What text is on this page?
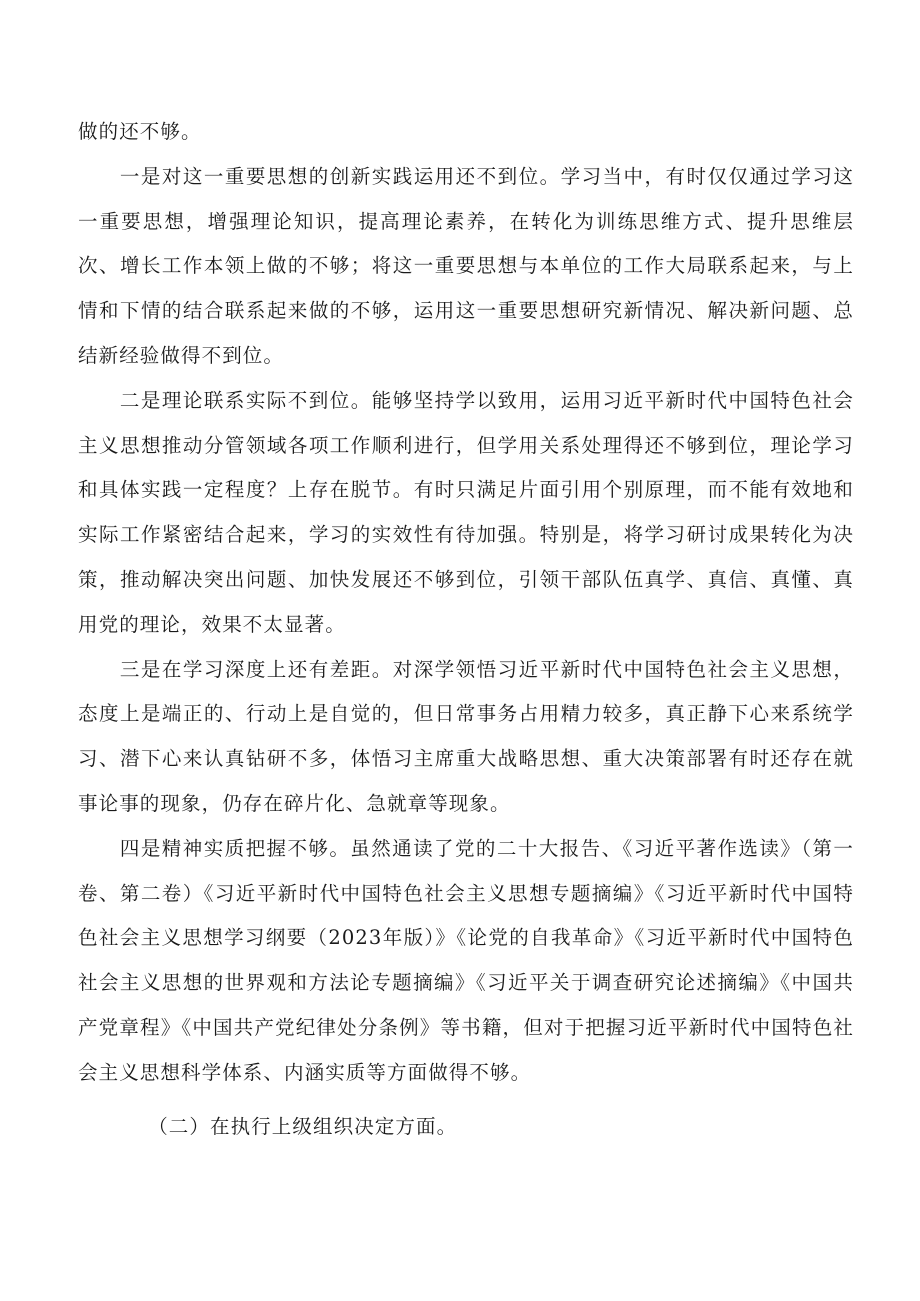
做的还不够。

一是对这一重要思想的创新实践运用还不到位。学习当中，有时仅仅通过学习这一重要思想，增强理论知识，提高理论素养，在转化为训练思维方式、提升思维层次、增长工作本领上做的不够；将这一重要思想与本单位的工作大局联系起来，与上情和下情的结合联系起来做的不够，运用这一重要思想研究新情况、解决新问题、总结新经验做得不到位。

二是理论联系实际不到位。能够坚持学以致用，运用习近平新时代中国特色社会主义思想推动分管领域各项工作顺利进行，但学用关系处理得还不够到位，理论学习和具体实践一定程度？上存在脱节。有时只满足片面引用个别原理，而不能有效地和实际工作紧密结合起来，学习的实效性有待加强。特别是，将学习研讨成果转化为决策，推动解决突出问题、加快发展还不够到位，引领干部队伍真学、真信、真懂、真用党的理论，效果不太显著。

三是在学习深度上还有差距。对深学领悟习近平新时代中国特色社会主义思想，态度上是端正的、行动上是自觉的，但日常事务占用精力较多，真正静下心来系统学习、潜下心来认真钻研不多，体悟习主席重大战略思想、重大决策部署有时还存在就事论事的现象，仍存在碎片化、急就章等现象。

四是精神实质把握不够。虽然通读了党的二十大报告、《习近平著作选读》（第一卷、第二卷）《习近平新时代中国特色社会主义思想专题摘编》《习近平新时代中国特色社会主义思想学习纲要（2023年版）》《论党的自我革命》《习近平新时代中国特色社会主义思想的世界观和方法论专题摘编》《习近平关于调查研究论述摘编》《中国共产党章程》《中国共产党纪律处分条例》等书籍，但对于把握习近平新时代中国特色社会主义思想科学体系、内涵实质等方面做得不够。

（二）在执行上级组织决定方面。
